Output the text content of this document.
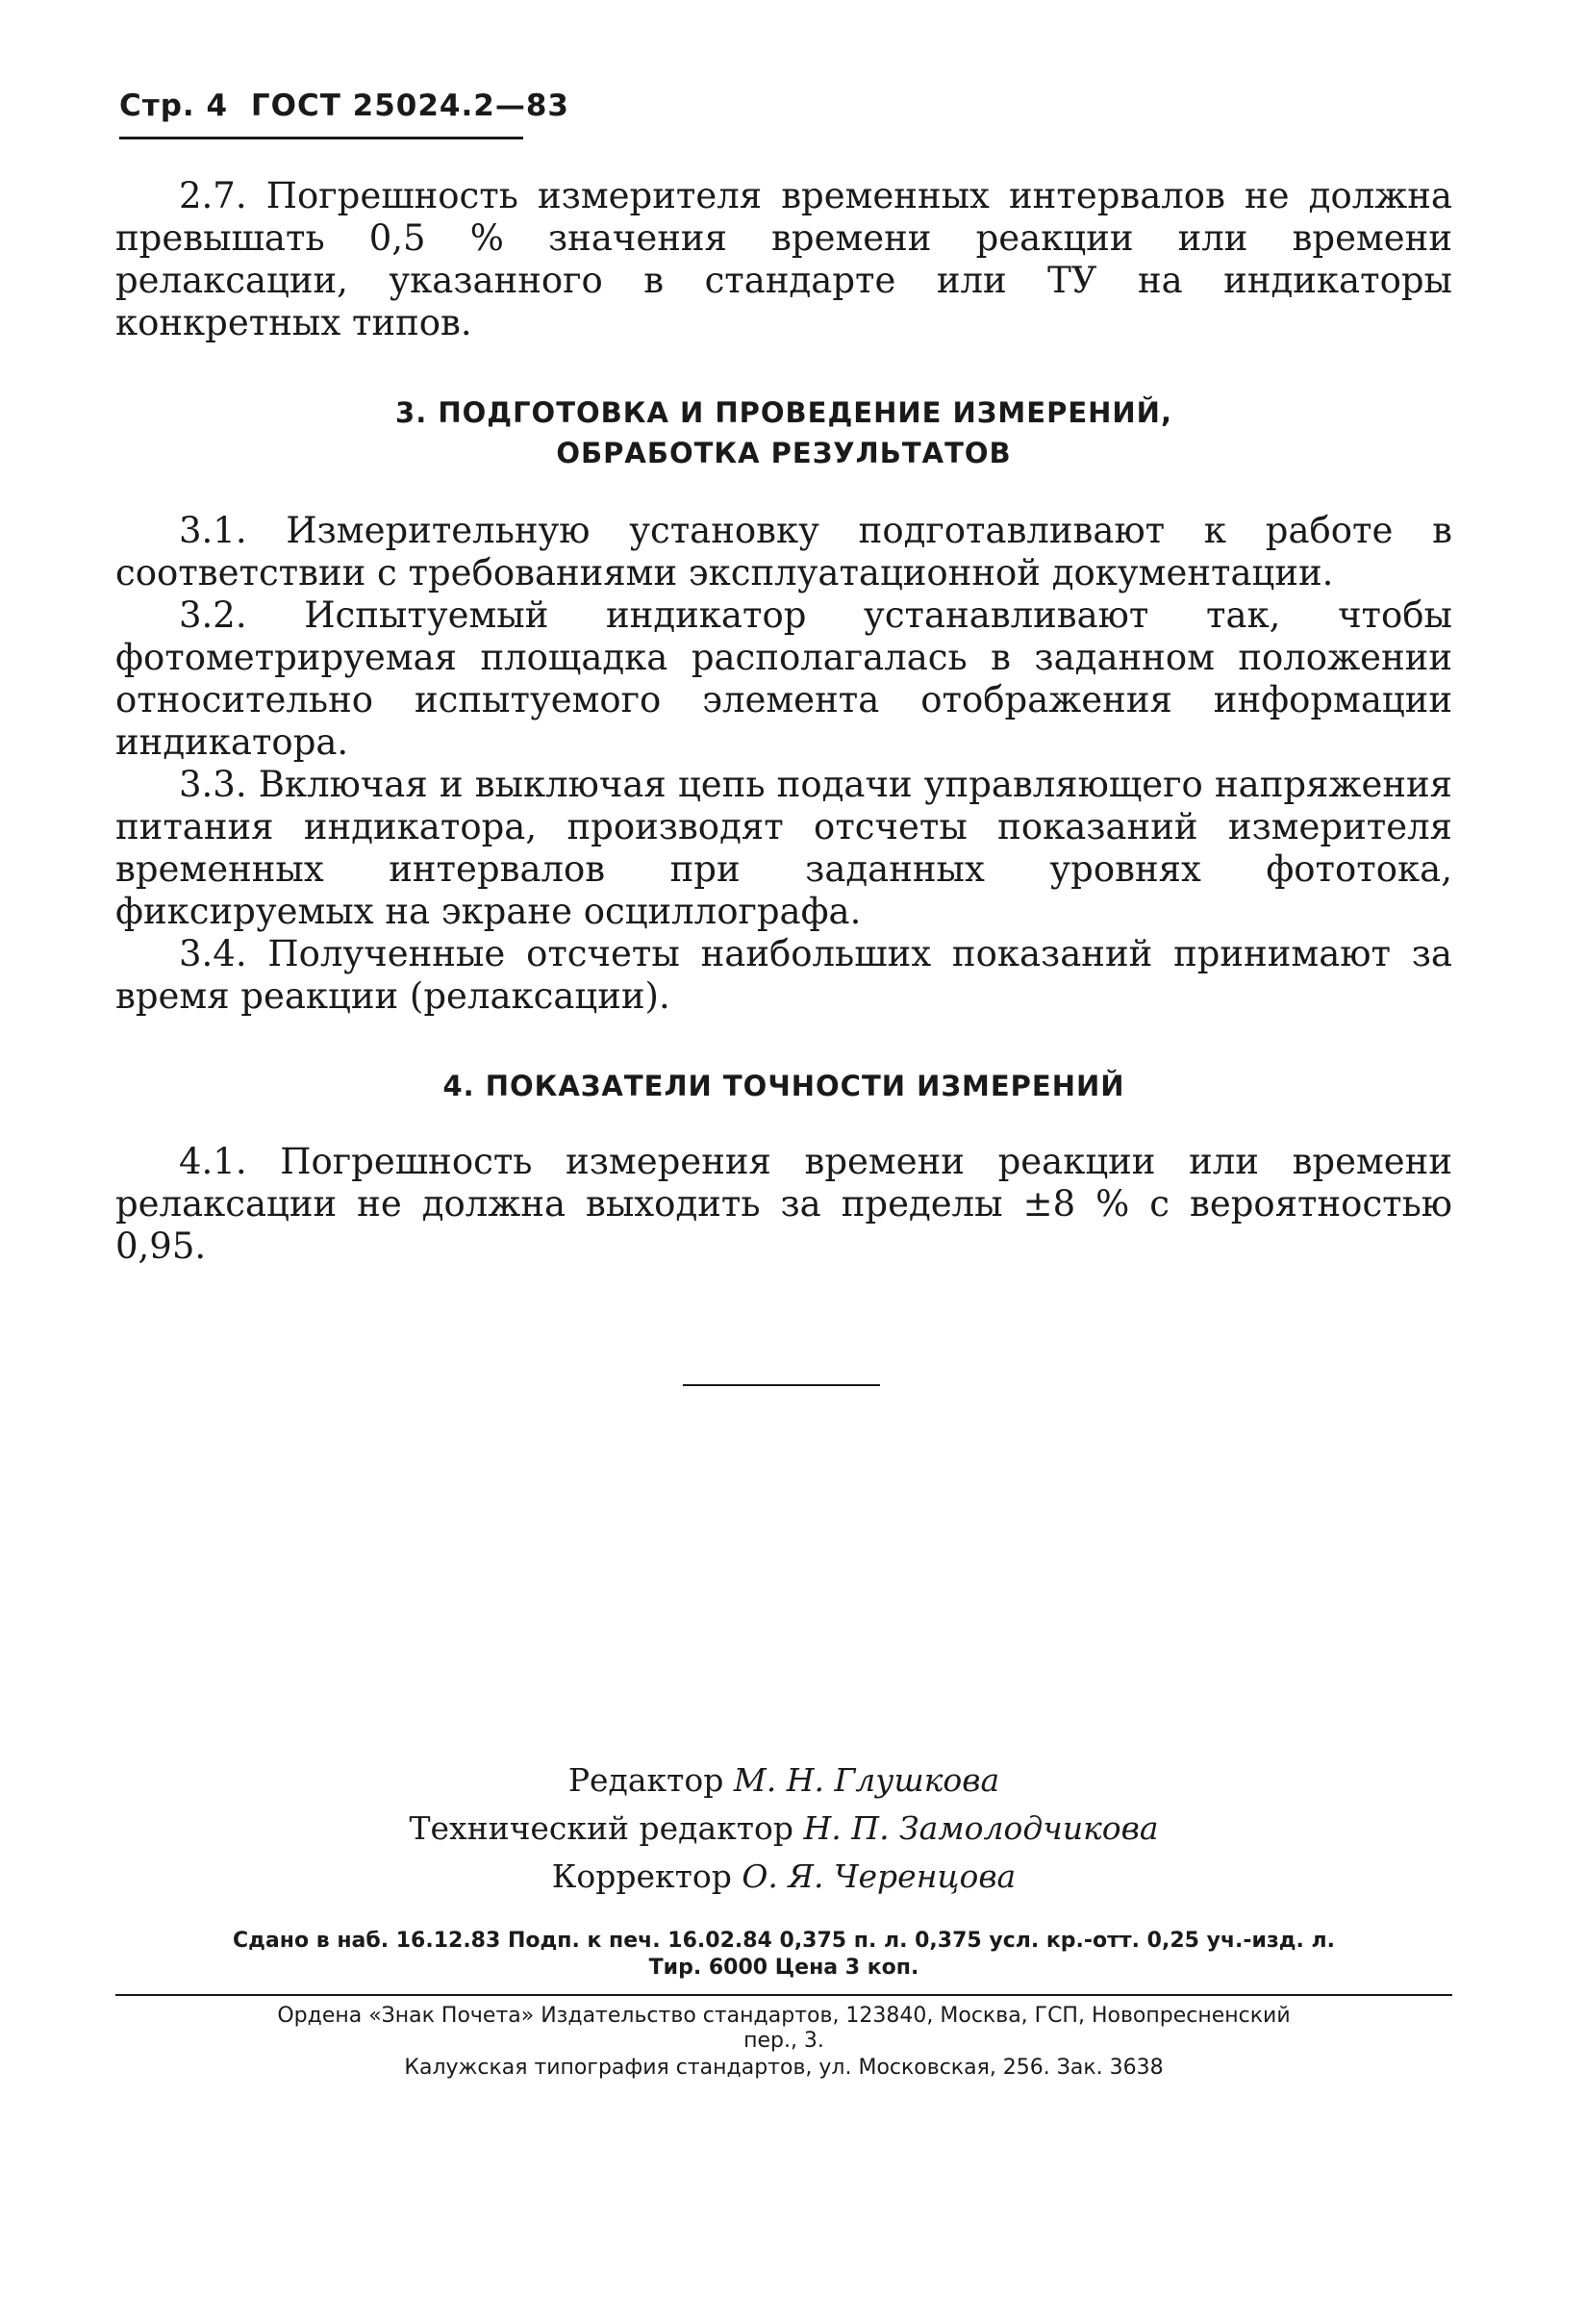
Стр. 4 ГОСТ 25024.2—83

2.7. Погрешность измерителя временных интервалов не должна превышать 0,5 % значения времени реакции или времени релаксации, указанного в стандарте или ТУ на индикаторы конкретных типов.

3. ПОДГОТОВКА И ПРОВЕДЕНИЕ ИЗМЕРЕНИЙ,
ОБРАБОТКА РЕЗУЛЬТАТОВ

3.1. Измерительную установку подготавливают к работе в соответствии с требованиями эксплуатационной документации.

3.2. Испытуемый индикатор устанавливают так, чтобы фотометрируемая площадка располагалась в заданном положении относительно испытуемого элемента отображения информации индикатора.

3.3. Включая и выключая цепь подачи управляющего напряжения питания индикатора, производят отсчеты показаний измерителя временных интервалов при заданных уровнях фототока, фиксируемых на экране осциллографа.

3.4. Полученные отсчеты наибольших показаний принимают за время реакции (релаксации).

4. ПОКАЗАТЕЛИ ТОЧНОСТИ ИЗМЕРЕНИЙ

4.1. Погрешность измерения времени реакции или времени релаксации не должна выходить за пределы ±8 % с вероятностью 0,95.

Редактор М. Н. Глушкова
Технический редактор Н. П. Замолодчикова
Корректор О. Я. Черенцова
Сдано в наб. 16.12.83 Подп. к печ. 16.02.84 0,375 п. л. 0,375 усл. кр.-отт. 0,25 уч.-изд. л.
Тир. 6000 Цена 3 коп.
Ордена «Знак Почета» Издательство стандартов, 123840, Москва, ГСП, Новопресненский
пер., 3.
Калужская типография стандартов, ул. Московская, 256. Зак. 3638
